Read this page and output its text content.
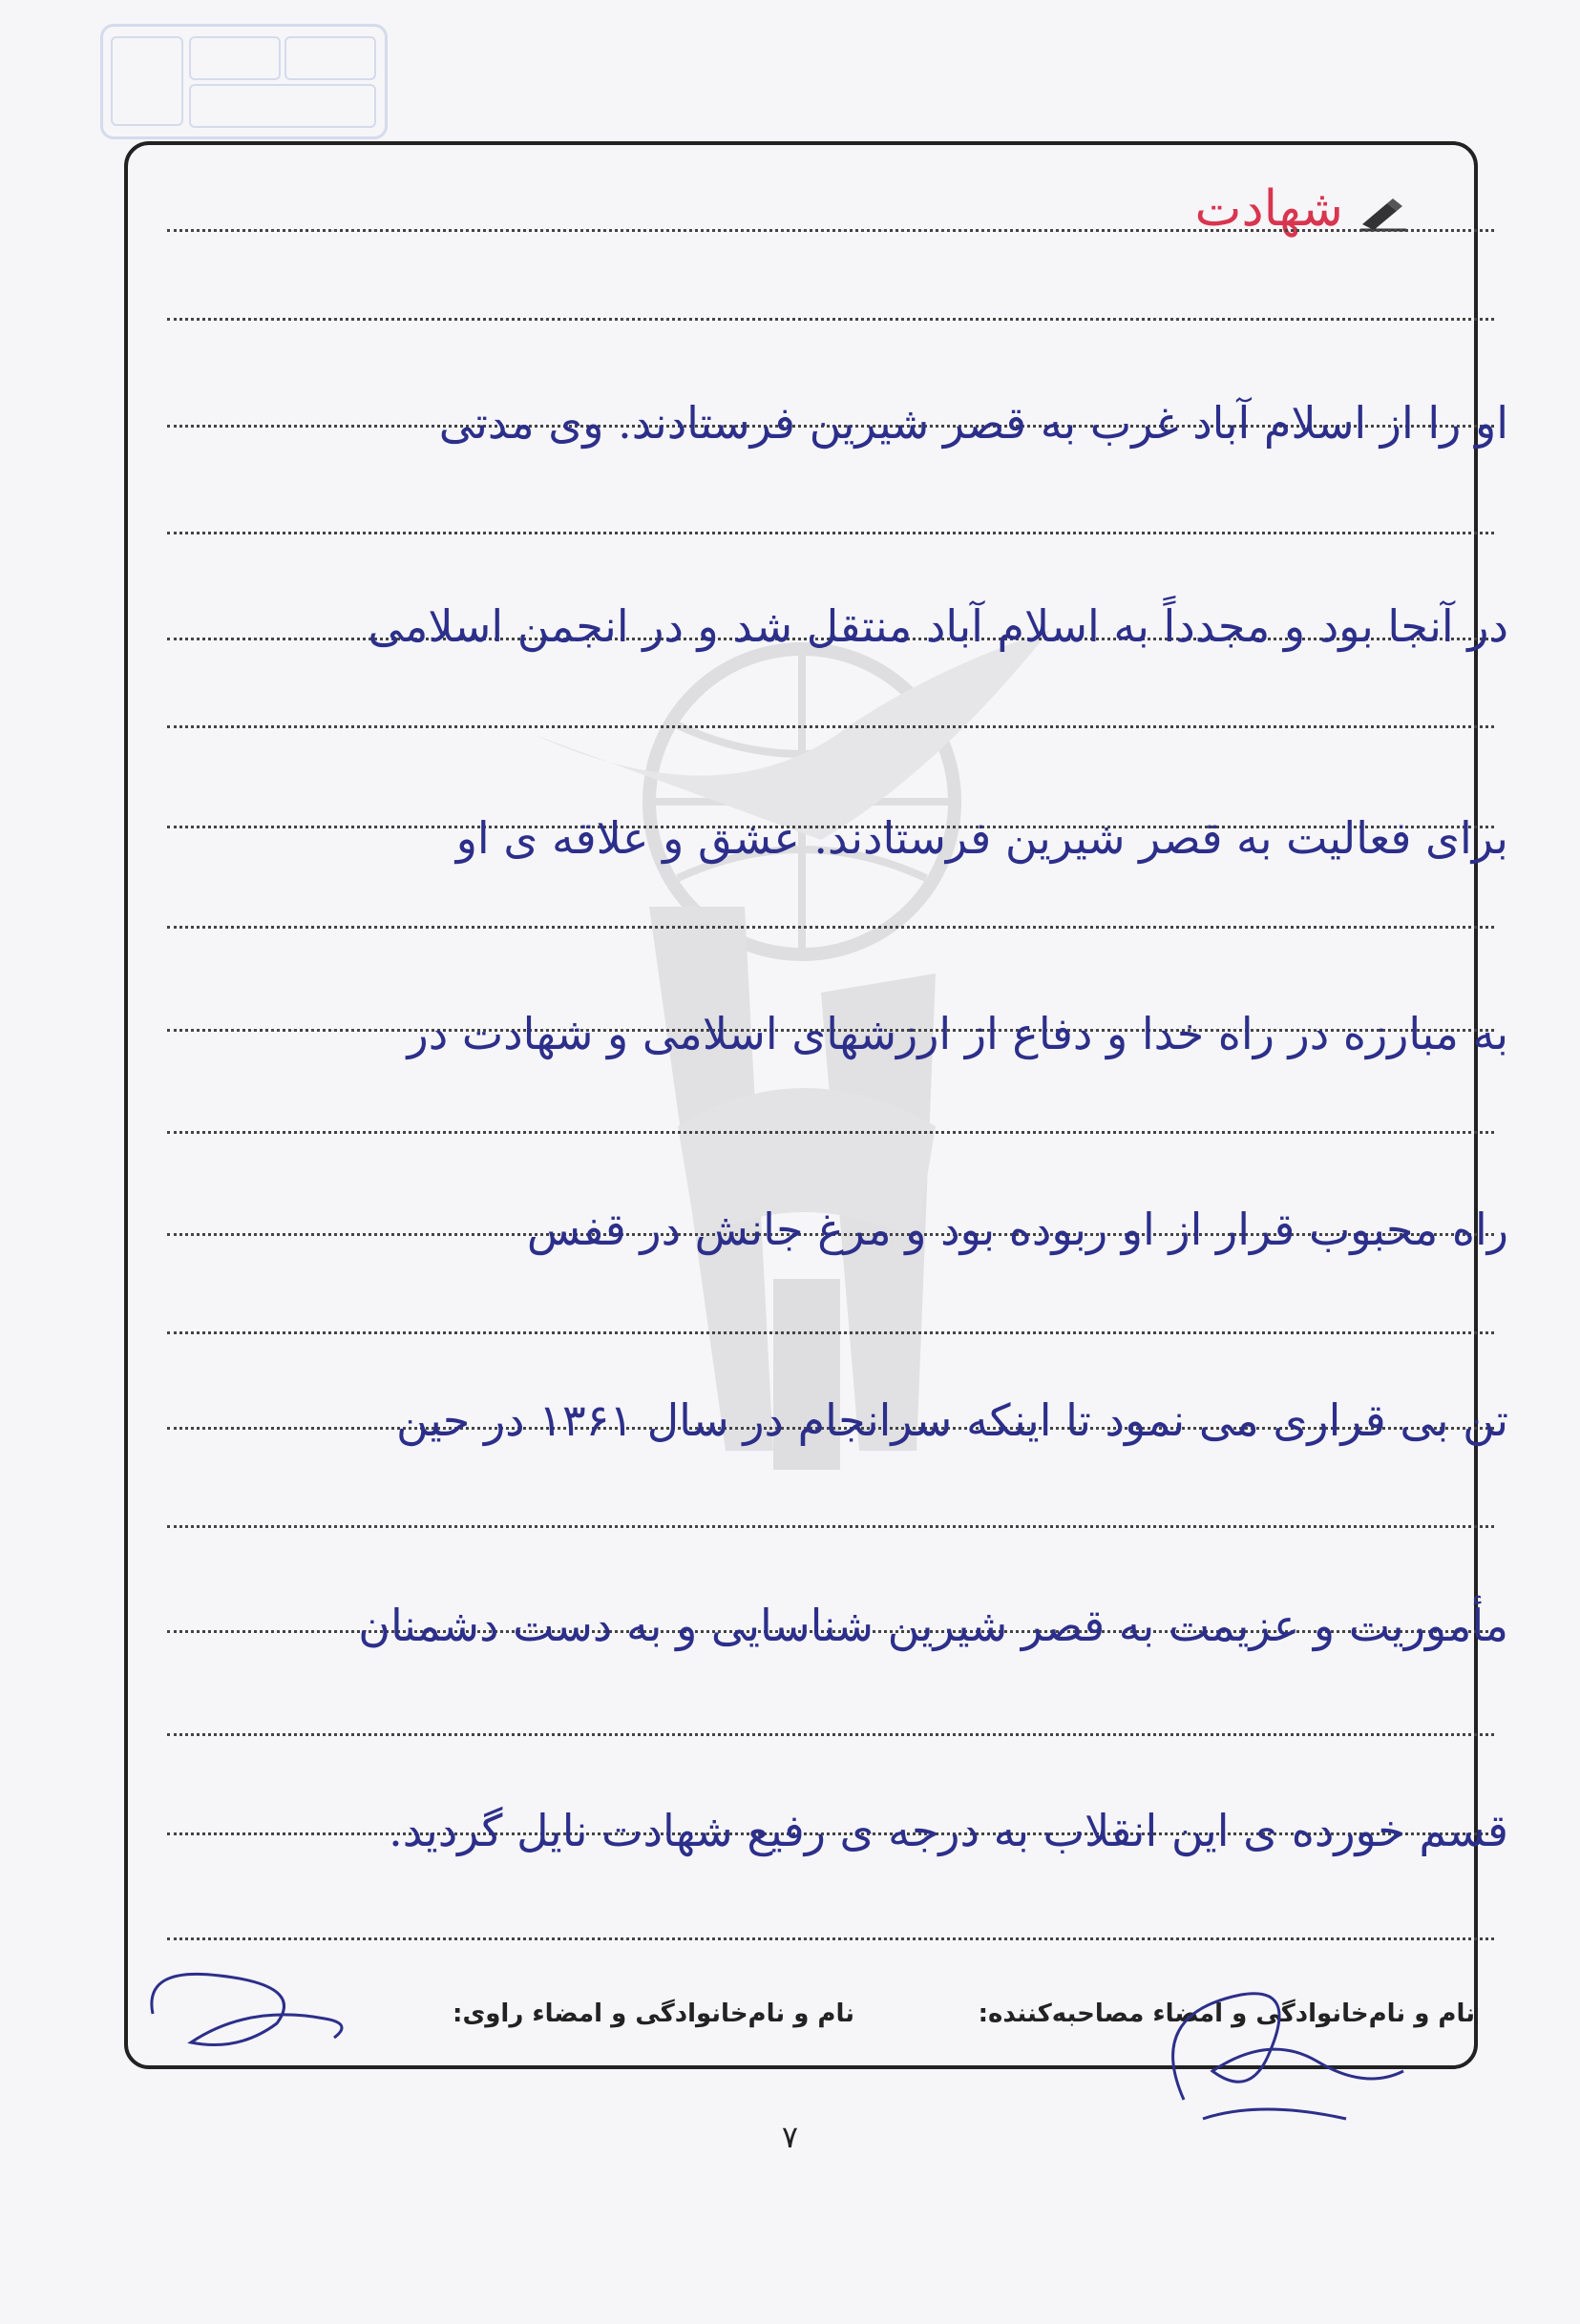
شهادت
او را از اسلام آباد غرب به قصر شیرین فرستادند. وی مدتی
در آنجا بود و مجدداً به اسلام آباد منتقل شد و در انجمن اسلامی
برای فعالیت به قصر شیرین فرستادند. عشق و علاقه ی او
به مبارزه در راه خدا و دفاع از ارزشهای اسلامی و شهادت در
راه محبوب قرار از او ربوده بود و مرغ جانش در قفس
تن بی قراری می نمود تا اینکه سرانجام در سال ۱۳۶۱ در حین
مأموریت و عزیمت به قصر شیرین شناسایی و به دست دشمنان
قسم خورده ی این انقلاب به درجه ی رفیع شهادت نایل گردید.
نام و نام‌خانوادگی و امضاء مصاحبه‌کننده:
نام و نام‌خانوادگی و امضاء راوی:
۷
